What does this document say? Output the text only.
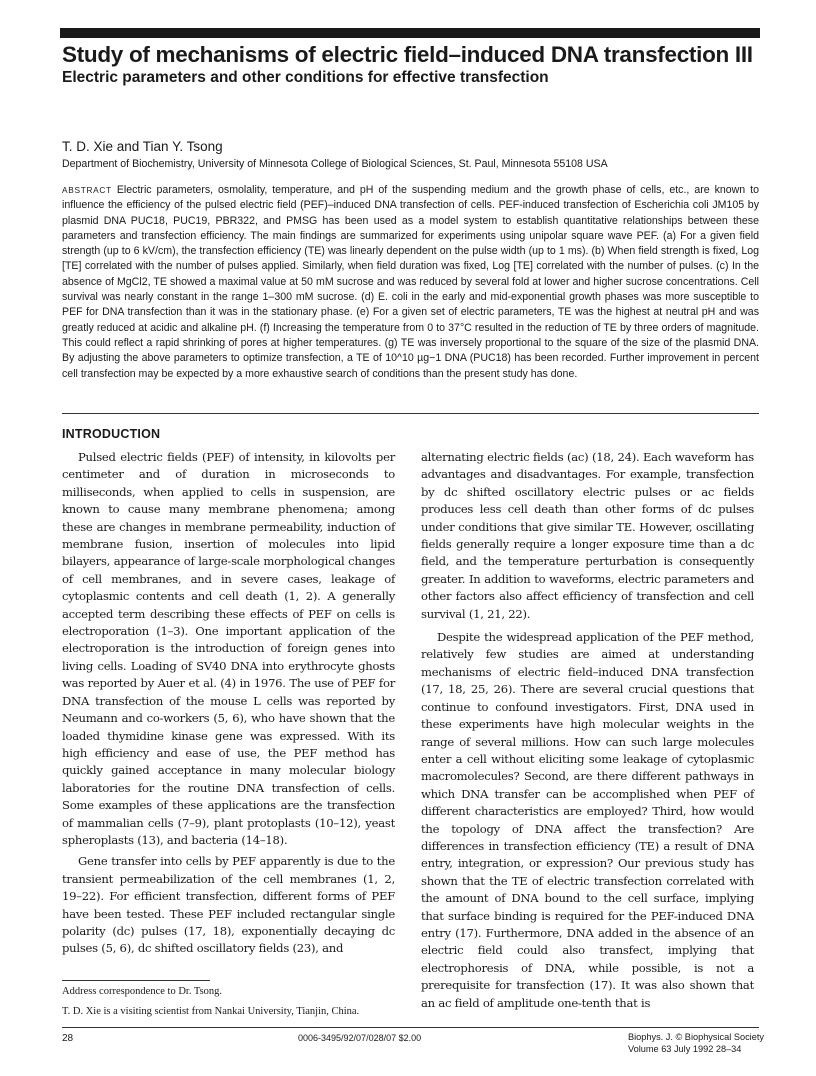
Study of mechanisms of electric field–induced DNA transfection III
Electric parameters and other conditions for effective transfection
T. D. Xie and Tian Y. Tsong
Department of Biochemistry, University of Minnesota College of Biological Sciences, St. Paul, Minnesota 55108 USA

ABSTRACT Electric parameters, osmolality, temperature, and pH of the suspending medium and the growth phase of cells, etc., are known to influence the efficiency of the pulsed electric field (PEF)–induced DNA transfection of cells. PEF-induced transfection of Escherichia coli JM105 by plasmid DNA PUC18, PUC19, PBR322, and PMSG has been used as a model system to establish quantitative relationships between these parameters and transfection efficiency. The main findings are summarized for experiments using unipolar square wave PEF. (a) For a given field strength (up to 6 kV/cm), the transfection efficiency (TE) was linearly dependent on the pulse width (up to 1 ms). (b) When field strength is fixed, Log [TE] correlated with the number of pulses applied. Similarly, when field duration was fixed, Log [TE] correlated with the number of pulses. (c) In the absence of MgCl2, TE showed a maximal value at 50 mM sucrose and was reduced by several fold at lower and higher sucrose concentrations. Cell survival was nearly constant in the range 1–300 mM sucrose. (d) E. coli in the early and mid-exponential growth phases was more susceptible to PEF for DNA transfection than it was in the stationary phase. (e) For a given set of electric parameters, TE was the highest at neutral pH and was greatly reduced at acidic and alkaline pH. (f) Increasing the temperature from 0 to 37°C resulted in the reduction of TE by three orders of magnitude. This could reflect a rapid shrinking of pores at higher temperatures. (g) TE was inversely proportional to the square of the size of the plasmid DNA. By adjusting the above parameters to optimize transfection, a TE of 10^10 µg−1 DNA (PUC18) has been recorded. Further improvement in percent cell transfection may be expected by a more exhaustive search of conditions than the present study has done.

INTRODUCTION

Pulsed electric fields (PEF) of intensity, in kilovolts per centimeter and of duration in microseconds to milliseconds, when applied to cells in suspension, are known to cause many membrane phenomena; among these are changes in membrane permeability, induction of membrane fusion, insertion of molecules into lipid bilayers, appearance of large-scale morphological changes of cell membranes, and in severe cases, leakage of cytoplasmic contents and cell death (1, 2). A generally accepted term describing these effects of PEF on cells is electroporation (1–3). One important application of the electroporation is the introduction of foreign genes into living cells. Loading of SV40 DNA into erythrocyte ghosts was reported by Auer et al. (4) in 1976. The use of PEF for DNA transfection of the mouse L cells was reported by Neumann and co-workers (5, 6), who have shown that the loaded thymidine kinase gene was expressed. With its high efficiency and ease of use, the PEF method has quickly gained acceptance in many molecular biology laboratories for the routine DNA transfection of cells. Some examples of these applications are the transfection of mammalian cells (7–9), plant protoplasts (10–12), yeast spheroplasts (13), and bacteria (14–18).

Gene transfer into cells by PEF apparently is due to the transient permeabilization of the cell membranes (1, 2, 19–22). For efficient transfection, different forms of PEF have been tested. These PEF included rectangular single polarity (dc) pulses (17, 18), exponentially decaying dc pulses (5, 6), dc shifted oscillatory fields (23), and

alternating electric fields (ac) (18, 24). Each waveform has advantages and disadvantages. For example, transfection by dc shifted oscillatory electric pulses or ac fields produces less cell death than other forms of dc pulses under conditions that give similar TE. However, oscillating fields generally require a longer exposure time than a dc field, and the temperature perturbation is consequently greater. In addition to waveforms, electric parameters and other factors also affect efficiency of transfection and cell survival (1, 21, 22).

Despite the widespread application of the PEF method, relatively few studies are aimed at understanding mechanisms of electric field–induced DNA transfection (17, 18, 25, 26). There are several crucial questions that continue to confound investigators. First, DNA used in these experiments have high molecular weights in the range of several millions. How can such large molecules enter a cell without eliciting some leakage of cytoplasmic macromolecules? Second, are there different pathways in which DNA transfer can be accomplished when PEF of different characteristics are employed? Third, how would the topology of DNA affect the transfection? Are differences in transfection efficiency (TE) a result of DNA entry, integration, or expression? Our previous study has shown that the TE of electric transfection correlated with the amount of DNA bound to the cell surface, implying that surface binding is required for the PEF-induced DNA entry (17). Furthermore, DNA added in the absence of an electric field could also transfect, implying that electrophoresis of DNA, while possible, is not a prerequisite for transfection (17). It was also shown that an ac field of amplitude one-tenth that is

Address correspondence to Dr. Tsong.
T. D. Xie is a visiting scientist from Nankai University, Tianjin, China.
28	0006-3495/92/07/028/07 $2.00	Biophys. J. © Biophysical Society
Volume 63 July 1992 28–34
